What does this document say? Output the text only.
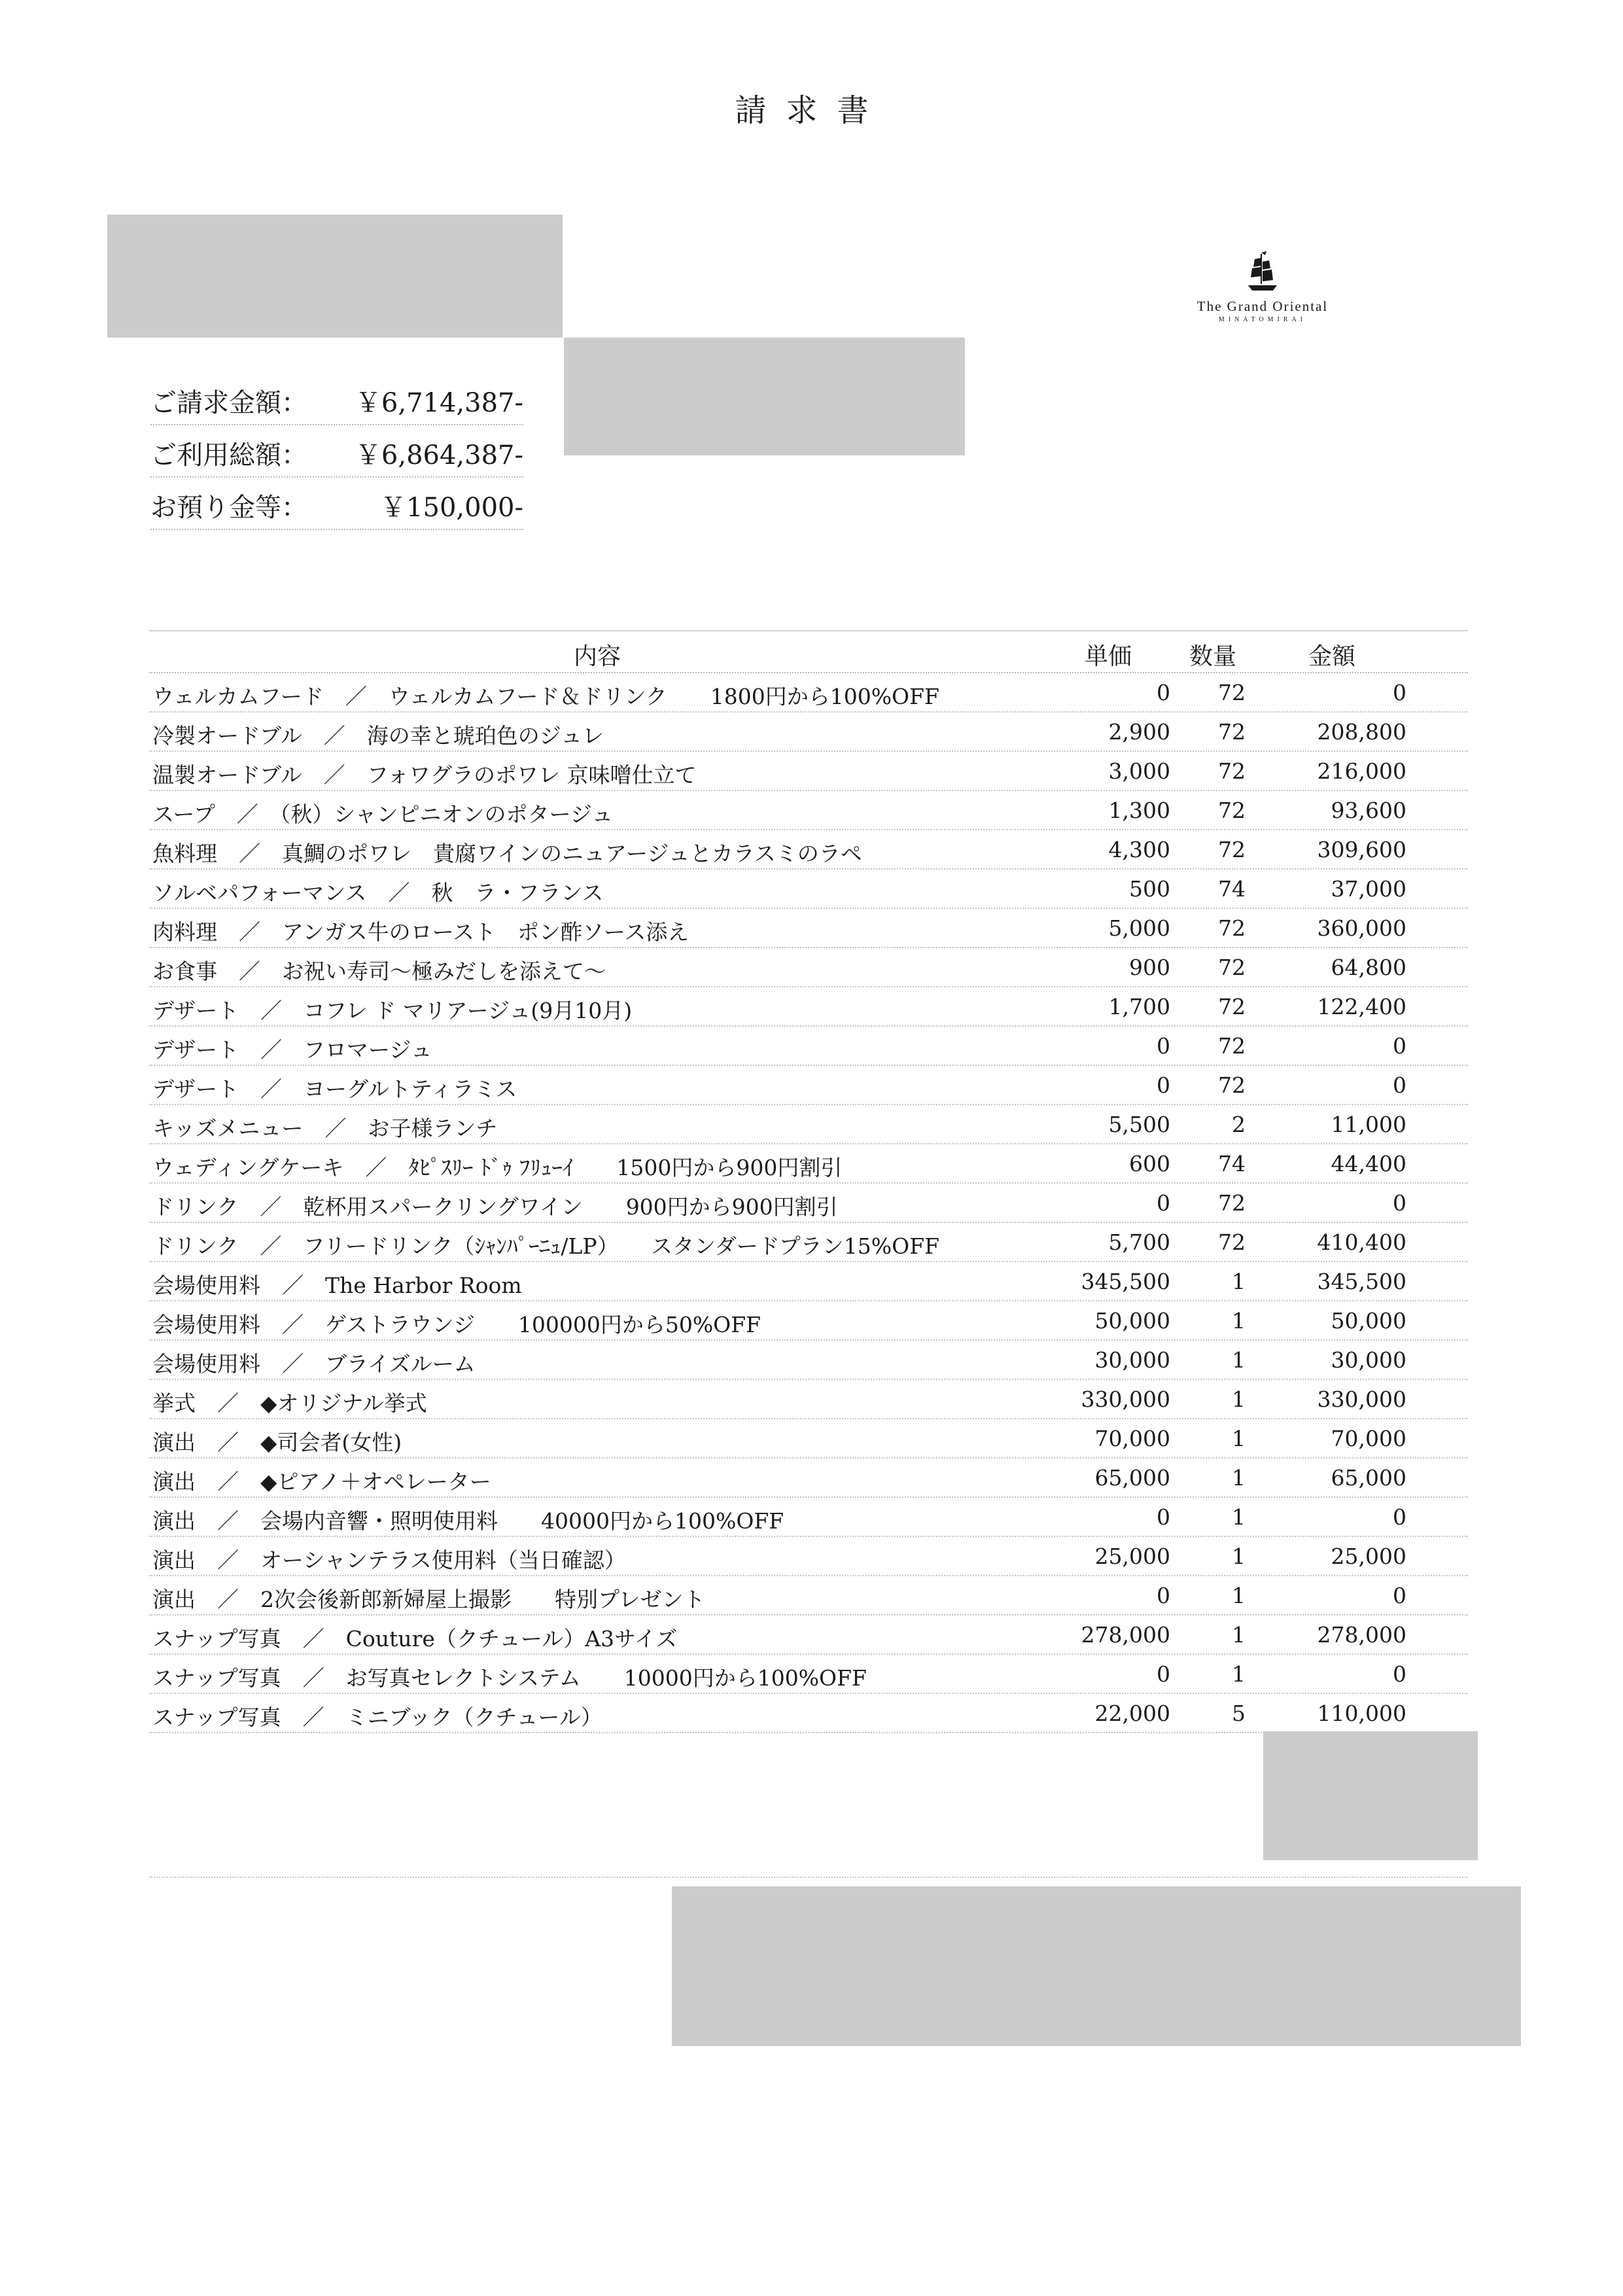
請求書
The Grand Oriental
MINATOMIRAI
ご請求金額： ￥6,714,387-
ご利用総額： ￥6,864,387-
お預り金等：	￥150,000-
内容	単価 数量	金額
ウェルカムフード　／　ウェルカムフード＆ドリンク　　1800円から100%OFF	0 72	0
冷製オードブル　／　海の幸と琥珀色のジュレ	2,900 72	208,800
温製オードブル　／　フォワグラのポワレ 京味噌仕立て	3,000 72	216,000
スープ　／　（秋）シャンピニオンのポタージュ	1,300 72	93,600
魚料理　／　真鯛のポワレ　貴腐ワインのニュアージュとカラスミのラペ	4,300 72	309,600
ソルベパフォーマンス　／　秋　ラ・フランス	500 74	37,000
肉料理　／　アンガス牛のロースト　ポン酢ソース添え	5,000 72	360,000
お食事　／　お祝い寿司～極みだしを添えて～	900 72	64,800
デザート　／　コフレ ド マリアージュ(9月10月)	1,700 72	122,400
デザート　／　フロマージュ	0 72	0
デザート　／　ヨーグルトティラミス	0 72	0
キッズメニュー　／　お子様ランチ	5,500	2	11,000
ウェディングケーキ　／　ﾀﾋﾟｽﾘｰ ﾄﾞｩ ﾌﾘｭｰｲ　　1500円から900円割引	600 74	44,400
ドリンク　／　乾杯用スパークリングワイン　　900円から900円割引	0 72	0
ドリンク　／　フリードリンク（ｼｬﾝﾊﾟｰﾆｭ/LP）　　スタンダードプラン15%OFF	5,700 72	410,400
会場使用料　／　The Harbor Room	345,500	1	345,500
会場使用料　／　ゲストラウンジ　　100000円から50%OFF	50,000	1	50,000
会場使用料　／　ブライズルーム	30,000	1	30,000
挙式　／　◆オリジナル挙式	330,000	1	330,000
演出　／　◆司会者(女性)	70,000	1	70,000
演出　／　◆ピアノ＋オペレーター	65,000	1	65,000
演出　／　会場内音響・照明使用料　　40000円から100%OFF	0	1	0
演出　／　オーシャンテラス使用料（当日確認）	25,000	1	25,000
演出　／　2次会後新郎新婦屋上撮影　　特別プレゼント	0	1	0
スナップ写真　／　Couture（クチュール）A3サイズ	278,000	1	278,000
スナップ写真　／　お写真セレクトシステム　　10000円から100%OFF	0	1	0
スナップ写真　／　ミニブック（クチュール）	22,000	5	110,000
